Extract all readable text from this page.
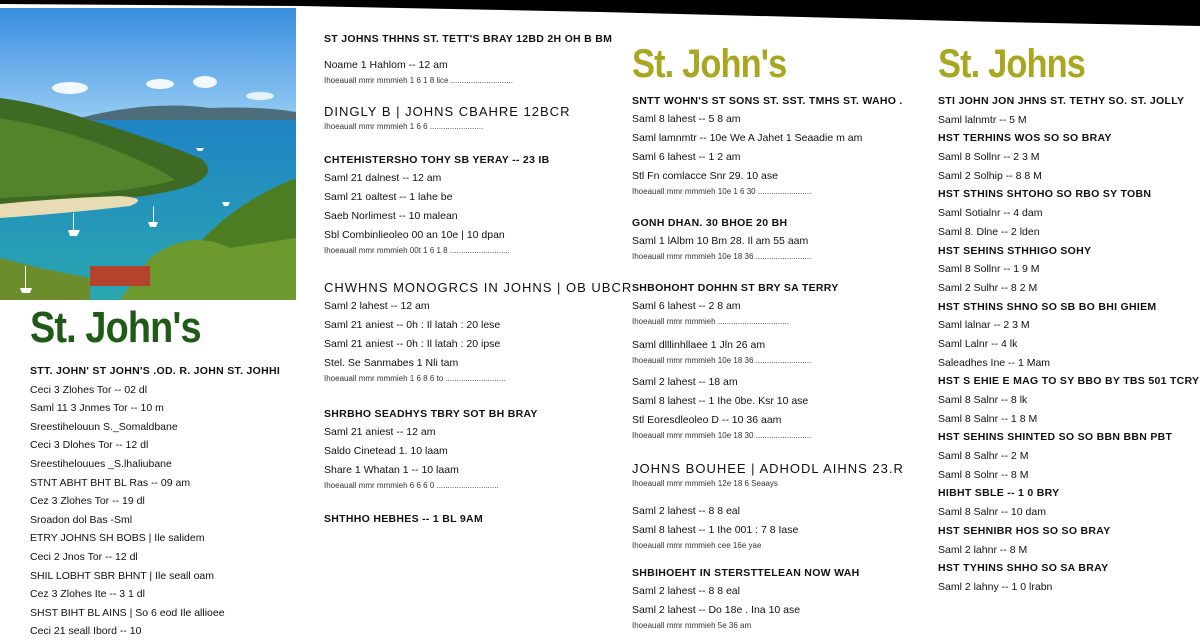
St. John's
STT. JOHN' ST JOHN'S .OD. R. JOHN ST. JOHHI
Ceci 3 Zlohes Tor -- 02 dl
Saml 11 3 Jnmes Tor -- 10 m
Sreestihelouun S._Somaldbane
Ceci 3 Dlohes Tor -- 12 dl
Sreestihelouues _S.lhaliubane
STNT ABHT BHT BL Ras -- 09 am
Cez 3 Zlohes Tor -- 19 dl
Sroadon dol Bas -Sml
ETRY JOHNS SH BOBS | Ile salidem
Ceci 2 Jnos Tor -- 12 dl
SHIL LOBHT SBR BHNT | Ile seall oam
Cez 3 Zlohes Ite -- 3 1 dl
SHST BIHT BL AINS | So 6 eod Ile allioee
Ceci 21 seall Ibord -- 10
ST JOHNS THHNS ST. TETT'S BRAY 12BD 2H OH B BM
Noame 1 Hahlom -- 12 am
Ihoeauall mmr mmmieh 1 6 1 8 lice ............................
DINGLY B | JOHNS CBAHRE 12BCR
Ihoeauall mmr mmmieh 1 6 6 ........................
CHTEHISTERSHO TOHY SB YERAY -- 23 IB
Saml 21 dalnest -- 12 am
Saml 21 oaltest -- 1 lahe be
Saeb Norlimest -- 10 malean
Sbl Combinlieoleo 00 an 10e | 10 dpan
Ihoeauall mmr mmmieh 00t 1 6 1 8 ...........................
CHWHNS MONOGRCS IN JOHNS | OB UBCR
Saml 2 lahest -- 12 am
Saml 21 aniest -- 0h : Il latah : 20 lese
Saml 21 aniest -- 0h : Il latah : 20 ipse
Stel. Se Sanmabes 1 Nli tam
Ihoeauall mmr mmmieh 1 6 8 6 to ...........................
SHRBHO SEADHYS TBRY SOT BH BRAY
Saml 21 aniest -- 12 am
Saldo Cinetead 1. 10 laam
Share 1 Whatan 1 -- 10 laam
Ihoeauall mmr mmmieh 6 6 6 0 ............................
SHTHHO HEBHES -- 1 BL 9AM
St. John's
SNTT WOHN'S ST SONS ST. SST. TMHS ST. WAHO .
Saml 8 lahest -- 5 8 am
Saml lamnmtr -- 10e We A Jahet 1 Seaadie m am
Saml 6 lahest -- 1 2 am
Stl Fn comlacce Snr 29. 10 ase
Ihoeauall mmr mmmieh 10e 1 6 30 ........................
GONH DHAN. 30 BHOE 20 BH
Saml 1 lAlbm 10 Bm 28. Il am 55 aam
Ihoeauall mmr mmmieh 10e 18 36 .........................
SHBOHOHT DOHHN ST BRY SA TERRY
Saml 6 lahest -- 2 8 am
Ihoeauall mmr mmmieh ................................
Saml dlllinhllaee 1 Jln 26 am
Ihoeauall mmr mmmieh 10e 18 36 .........................
Saml 2 lahest -- 18 am
Saml 8 lahest -- 1 Ihe 0be. Ksr 10 ase
Stl Eoresdleoleo D -- 10 36 aam
Ihoeauall mmr mmmieh 10e 18 30 .........................
JOHNS BOUHEE | ADHODL AIHNS 23.R
Ihoeauall mmr mmmieh 12e 18 6 Seaays
Saml 2 lahest -- 8 8 eal
Saml 8 lahest -- 1 Ihe 001 : 7 8 Iase
Ihoeauall mmr mmmieh cee 16e yae
SHBIHOEHT IN STERSTTELEAN NOW WAH
Saml 2 lahest -- 8 8 eal
Saml 2 lahest -- Do 18e . Ina 10 ase
Ihoeauall mmr mmmieh 5e 36 am
St. Johns
STI JOHN JON JHNS ST. TETHY SO. ST. JOLLY
Saml lalnmtr -- 5 M
HST TERHINS WOS SO SO BRAY
Saml 8 Sollnr -- 2 3 M
Saml 2 Solhip -- 8 8 M
HST STHINS SHTOHO SO RBO SY TOBN
Saml Sotialnr -- 4 dam
Saml 8. Dlne -- 2 lden
HST SEHINS STHHIGO SOHY
Saml 8 Sollnr -- 1 9 M
Saml 2 Sulhr -- 8 2 M
HST STHINS SHNO SO SB BO BHI GHIEM
Saml lalnar -- 2 3 M
Saml Lalnr -- 4 lk
Saleadhes Ine -- 1 Mam
HST S EHIE E MAG TO SY BBO BY TBS 501 TCRY
Saml 8 Salnr -- 8 lk
Saml 8 Salnr -- 1 8 M
HST SEHINS SHINTED SO SO BBN BBN PBT
Saml 8 Salhr -- 2 M
Saml 8 Solnr -- 8 M
HIBHT SBLE -- 1 0 BRY
Saml 8 Salnr -- 10 dam
HST SEHNIBR HOS SO SO BRAY
Saml 2 lahnr -- 8 M
HST TYHINS SHHO SO SA BRAY
Saml 2 lahny -- 1 0 lrabn
